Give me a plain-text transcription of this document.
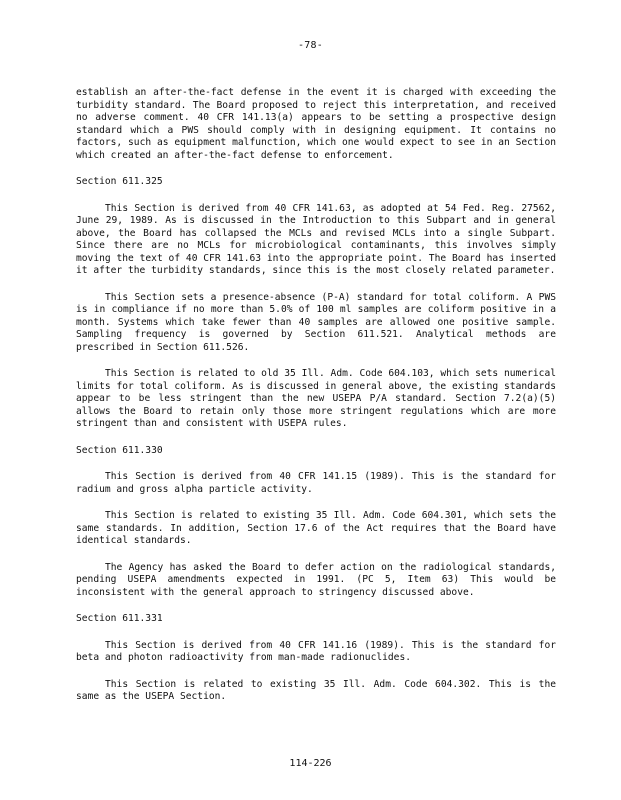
-78-

establish an after-the-fact defense in the event it is charged with exceeding the turbidity standard. The Board proposed to reject this interpretation, and received no adverse comment. 40 CFR 141.13(a) appears to be setting a prospective design standard which a PWS should comply with in designing equipment. It contains no factors, such as equipment malfunction, which one would expect to see in an Section which created an after-the-fact defense to enforcement.

Section 611.325

This Section is derived from 40 CFR 141.63, as adopted at 54 Fed. Reg. 27562, June 29, 1989. As is discussed in the Introduction to this Subpart and in general above, the Board has collapsed the MCLs and revised MCLs into a single Subpart. Since there are no MCLs for microbiological contaminants, this involves simply moving the text of 40 CFR 141.63 into the appropriate point. The Board has inserted it after the turbidity standards, since this is the most closely related parameter.

This Section sets a presence-absence (P-A) standard for total coliform. A PWS is in compliance if no more than 5.0% of 100 ml samples are coliform positive in a month. Systems which take fewer than 40 samples are allowed one positive sample. Sampling frequency is governed by Section 611.521. Analytical methods are prescribed in Section 611.526.

This Section is related to old 35 Ill. Adm. Code 604.103, which sets numerical limits for total coliform. As is discussed in general above, the existing standards appear to be less stringent than the new USEPA P/A standard. Section 7.2(a)(5) allows the Board to retain only those more stringent regulations which are more stringent than and consistent with USEPA rules.

Section 611.330

This Section is derived from 40 CFR 141.15 (1989). This is the standard for radium and gross alpha particle activity.

This Section is related to existing 35 Ill. Adm. Code 604.301, which sets the same standards. In addition, Section 17.6 of the Act requires that the Board have identical standards.

The Agency has asked the Board to defer action on the radiological standards, pending USEPA amendments expected in 1991. (PC 5, Item 63) This would be inconsistent with the general approach to stringency discussed above.

Section 611.331

This Section is derived from 40 CFR 141.16 (1989). This is the standard for beta and photon radioactivity from man-made radionuclides.

This Section is related to existing 35 Ill. Adm. Code 604.302. This is the same as the USEPA Section.

114-226
